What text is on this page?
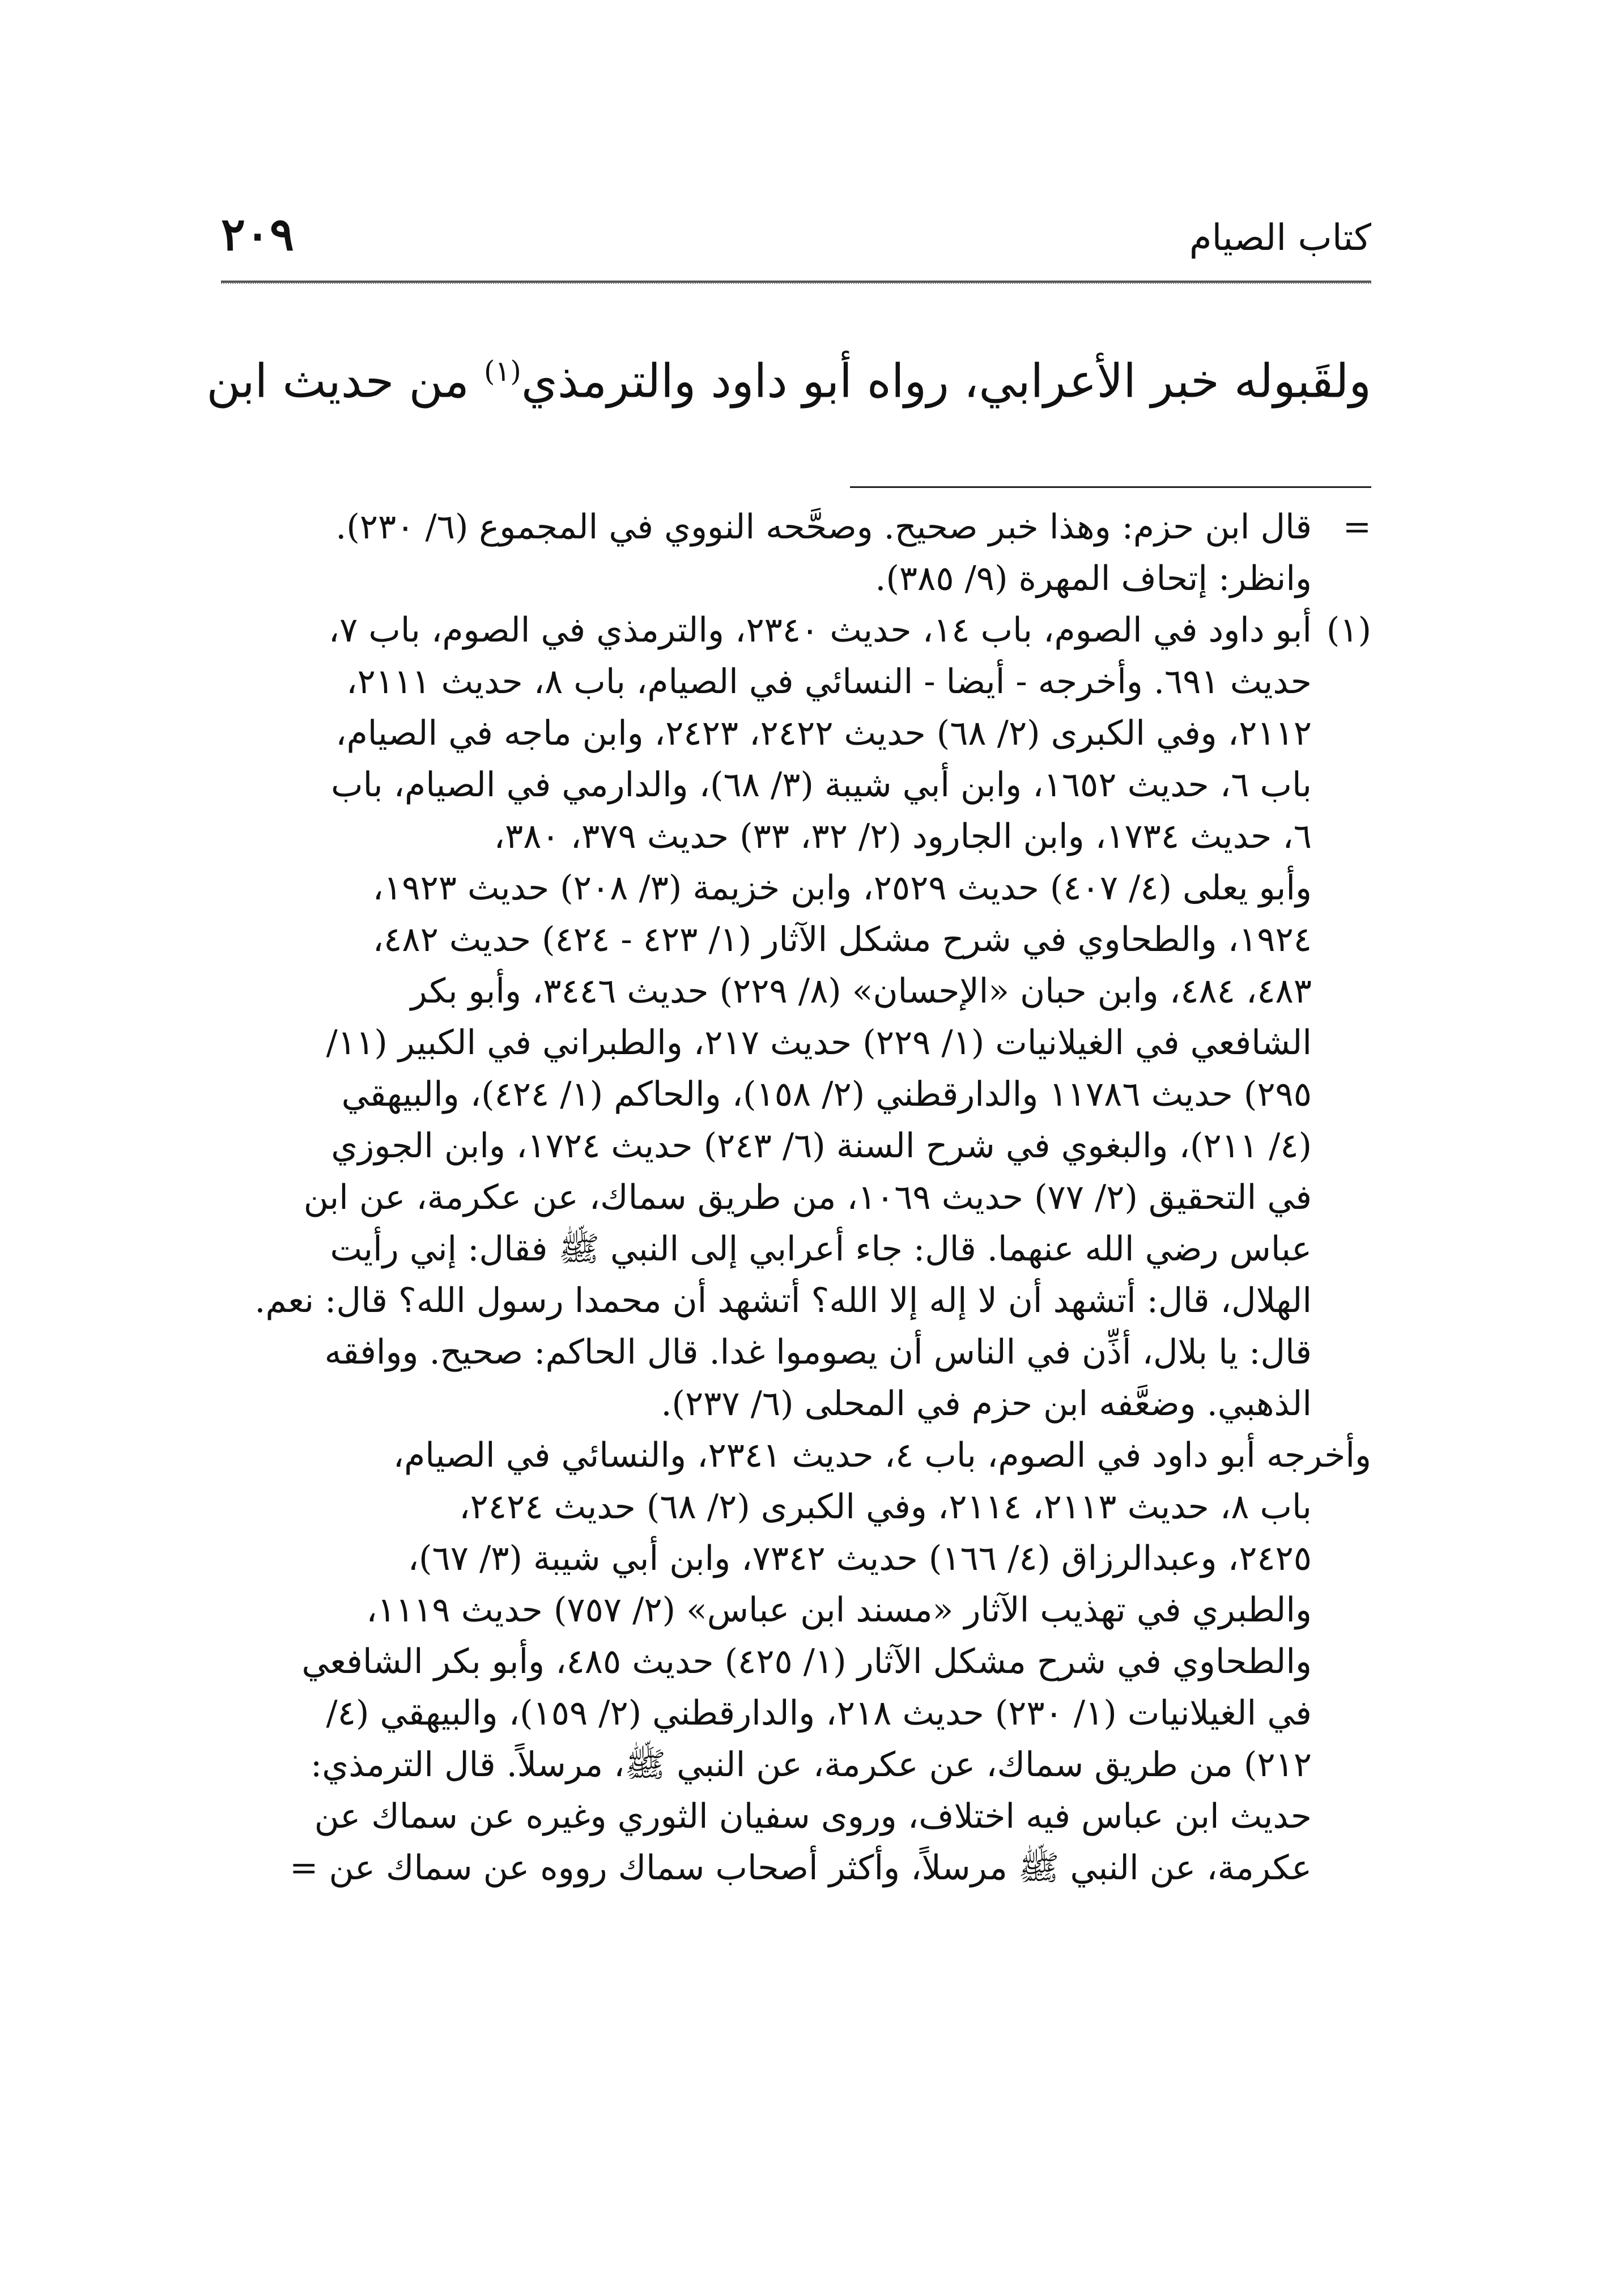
كتاب الصيام
٢٠٩
ولقَبوله خبر الأعرابي، رواه أبو داود والترمذي$^{(١)}$ من حديث ابن
=قال ابن حزم: وهذا خبر صحيح. وصحَّحه النووي في المجموع (٦/ ٢٣٠).
وانظر: إتحاف المهرة (٩/ ٣٨٥).
(١)أبو داود في الصوم، باب ١٤، حديث ٢٣٤٠، والترمذي في الصوم، باب ٧،
حديث ٦٩١. وأخرجه - أيضا - النسائي في الصيام، باب ٨، حديث ٢١١١،
٢١١٢، وفي الكبرى (٢/ ٦٨) حديث ٢٤٢٢، ٢٤٢٣، وابن ماجه في الصيام،
باب ٦، حديث ١٦٥٢، وابن أبي شيبة (٣/ ٦٨)، والدارمي في الصيام، باب
٦، حديث ١٧٣٤، وابن الجارود (٢/ ٣٢، ٣٣) حديث ٣٧٩، ٣٨٠،
وأبو يعلى (٤/ ٤٠٧) حديث ٢٥٢٩، وابن خزيمة (٣/ ٢٠٨) حديث ١٩٢٣،
١٩٢٤، والطحاوي في شرح مشكل الآثار (١/ ٤٢٣ - ٤٢٤) حديث ٤٨٢،
٤٨٣، ٤٨٤، وابن حبان «الإحسان» (٨/ ٢٢٩) حديث ٣٤٤٦، وأبو بكر
الشافعي في الغيلانيات (١/ ٢٢٩) حديث ٢١٧، والطبراني في الكبير (١١/
٢٩٥) حديث ١١٧٨٦ والدارقطني (٢/ ١٥٨)، والحاكم (١/ ٤٢٤)، والبيهقي
(٤/ ٢١١)، والبغوي في شرح السنة (٦/ ٢٤٣) حديث ١٧٢٤، وابن الجوزي
في التحقيق (٢/ ٧٧) حديث ١٠٦٩، من طريق سماك، عن عكرمة، عن ابن
عباس رضي الله عنهما. قال: جاء أعرابي إلى النبي ﷺ فقال: إني رأيت
الهلال، قال: أتشهد أن لا إله إلا الله؟ أتشهد أن محمدا رسول الله؟ قال: نعم.
قال: يا بلال، أذِّن في الناس أن يصوموا غدا. قال الحاكم: صحيح. ووافقه
الذهبي. وضعَّفه ابن حزم في المحلى (٦/ ٢٣٧).
وأخرجه أبو داود في الصوم، باب ٤، حديث ٢٣٤١، والنسائي في الصيام،
باب ٨، حديث ٢١١٣، ٢١١٤، وفي الكبرى (٢/ ٦٨) حديث ٢٤٢٤،
٢٤٢٥، وعبدالرزاق (٤/ ١٦٦) حديث ٧٣٤٢، وابن أبي شيبة (٣/ ٦٧)،
والطبري في تهذيب الآثار «مسند ابن عباس» (٢/ ٧٥٧) حديث ١١١٩،
والطحاوي في شرح مشكل الآثار (١/ ٤٢٥) حديث ٤٨٥، وأبو بكر الشافعي
في الغيلانيات (١/ ٢٣٠) حديث ٢١٨، والدارقطني (٢/ ١٥٩)، والبيهقي (٤/
٢١٢) من طريق سماك، عن عكرمة، عن النبي ﷺ، مرسلاً. قال الترمذي:
حديث ابن عباس فيه اختلاف، وروى سفيان الثوري وغيره عن سماك عن
عكرمة، عن النبي ﷺ مرسلاً، وأكثر أصحاب سماك رووه عن سماك عن =
